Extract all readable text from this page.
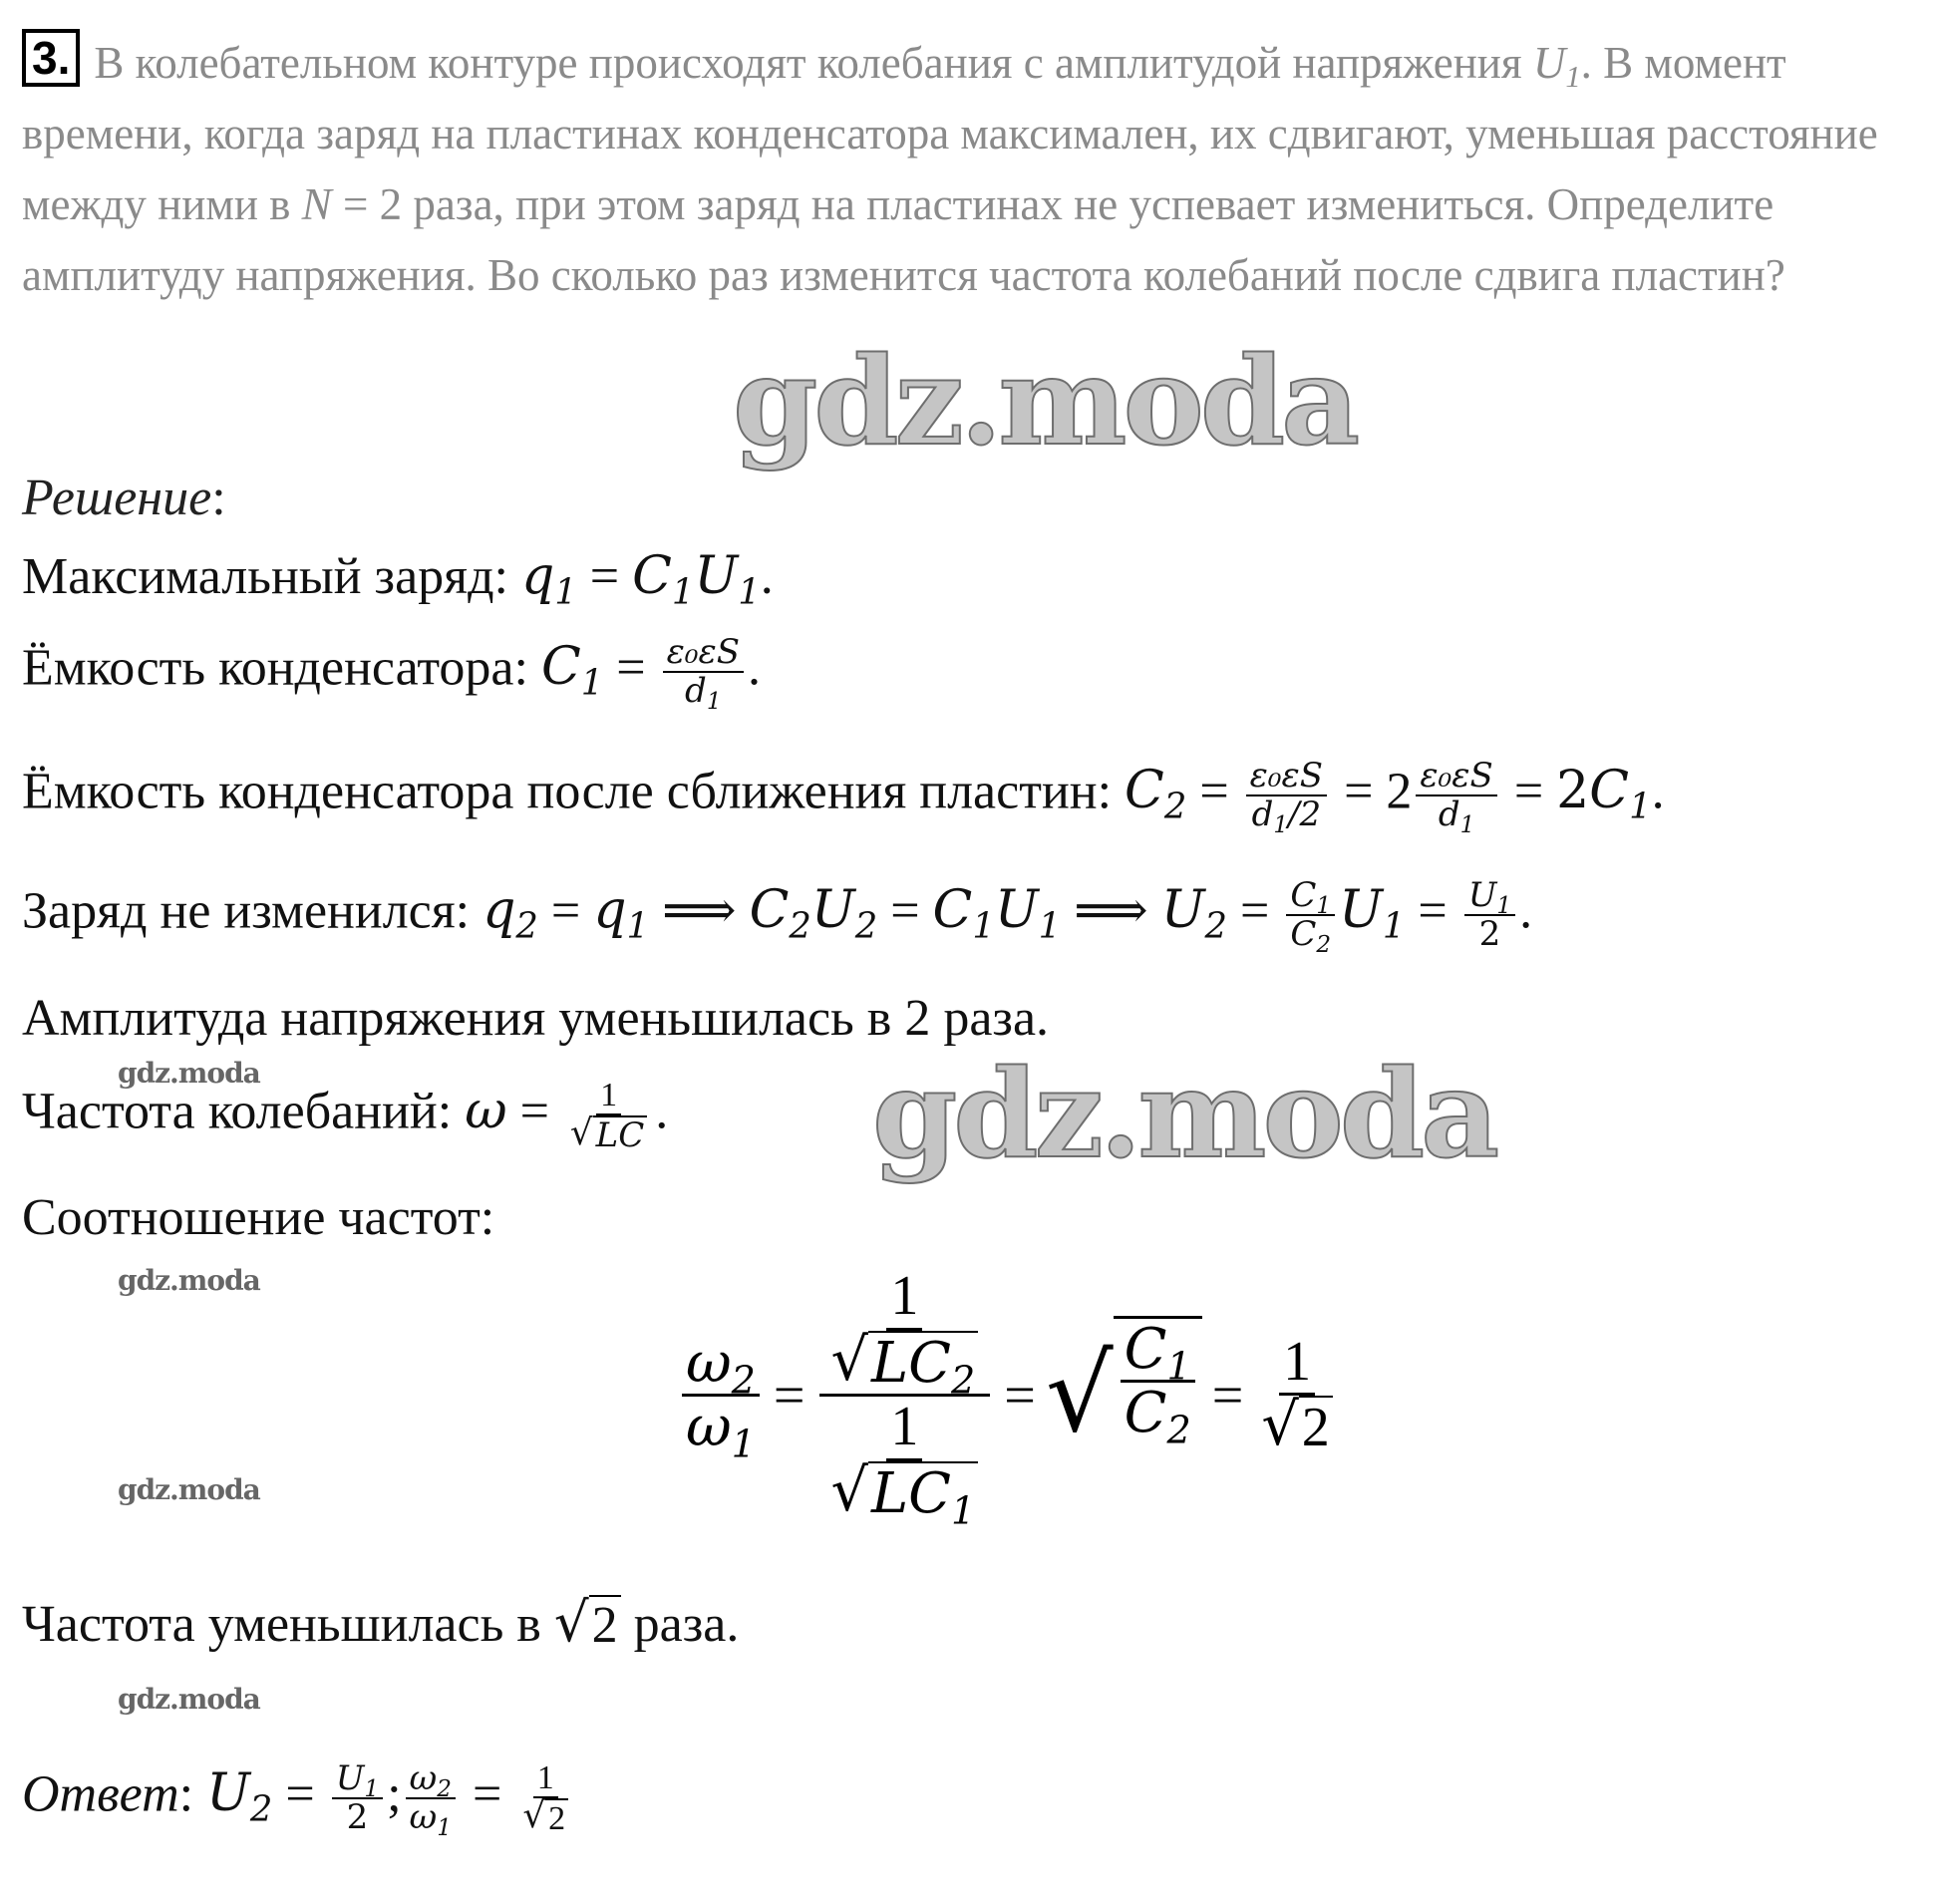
3. В колебательном контуре происходят колебания с амплитудой напряжения $U_1$. В момент времени, когда заряд на пластинах конденсатора максимален, их сдвигают, уменьшая расстояние между ними в N = 2 раза, при этом заряд на пластинах не успевает измениться. Определите амплитуду напряжения. Во сколько раз изменится частота колебаний после сдвига пластин?
gdz.moda
gdz.moda
gdz.moda
gdz.moda
gdz.moda
gdz.moda
Решение:
Максимальный заряд: $q_1 = C_1U_1$.
Ёмкость конденсатора: $C_1 = \frac{\text{ε₀εS}}{d_1}$ .
Ёмкость конденсатора после сближения пластин: $C_2 = \frac{\text{ε₀εS}}{d_1/2} = 2 \frac{\text{ε₀εS}}{d_1} = 2C_1$.
Заряд не изменился: $q_2 = q_1$ ⟹ $C_2U_2 = C_1U_1$ ⟹ $U_2 = \frac{C_1}{C_2} U_1 = \frac{U_1}{2}$ .
Амплитуда напряжения уменьшилась в 2 раза.
Частота колебаний: $\omega = \frac{1}{√ LC}$ .
Соотношение частот:
$\frac{\omega_2}{\omega_1} = \frac{\frac{1}{√ LC_2}}{\frac{1}{√ LC_1}}$ = √ $\frac{C_1}{C_2} = \frac{1}{√ 2}$
Частота уменьшилась в √ 2 раза.
Ответ: $U_2 = \frac{U_1}{2}$ ; $\frac{\omega_2}{\omega_1} = \frac{1}{√ 2}$
